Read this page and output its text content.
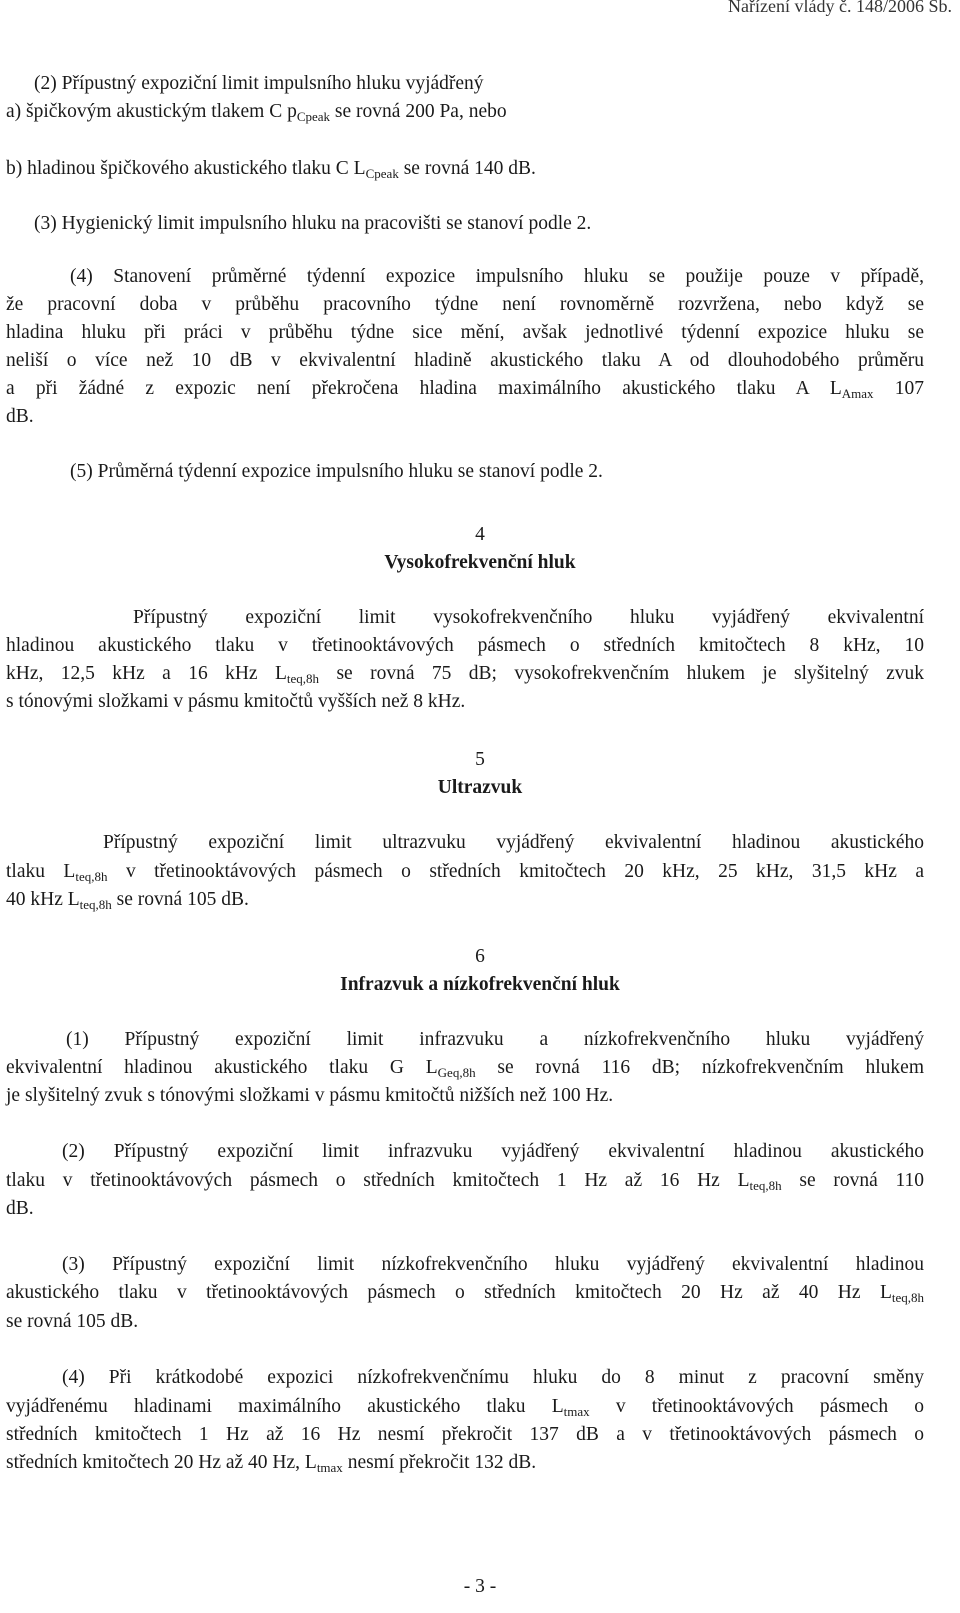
Nařízení vlády č. 148/2006 Sb.
(2) Přípustný expoziční limit impulsního hluku vyjádřený
a) špičkovým akustickým tlakem C $p_{Cpeak}$ se rovná 200 Pa, nebo
b) hladinou špičkového akustického tlaku C $L_{Cpeak}$ se rovná 140 dB.
(3) Hygienický limit impulsního hluku na pracovišti se stanoví podle 2.
(4) Stanovení průměrné týdenní expozice impulsního hluku se použije pouze v případě,
že pracovní doba v průběhu pracovního týdne není rovnoměrně rozvržena, nebo když se
hladina hluku při práci v průběhu týdne sice mění, avšak jednotlivé týdenní expozice hluku se
neliší o více než 10 dB v ekvivalentní hladině akustického tlaku A od dlouhodobého průměru
a při žádné z expozic není překročena hladina maximálního akustického tlaku A $L_{Amax}$ 107
dB.
(5) Průměrná týdenní expozice impulsního hluku se stanoví podle 2.
4
Vysokofrekvenční hluk
Přípustný expoziční limit vysokofrekvenčního hluku vyjádřený ekvivalentní
hladinou akustického tlaku v třetinooktávových pásmech o středních kmitočtech 8 kHz, 10
kHz, 12,5 kHz a 16 kHz $L_{teq,8h}$ se rovná 75 dB; vysokofrekvenčním hlukem je slyšitelný zvuk
s tónovými složkami v pásmu kmitočtů vyšších než 8 kHz.
5
Ultrazvuk
Přípustný expoziční limit ultrazvuku vyjádřený ekvivalentní hladinou akustického
tlaku $L_{teq,8h}$ v třetinooktávových pásmech o středních kmitočtech 20 kHz, 25 kHz, 31,5 kHz a
40 kHz $L_{teq,8h}$ se rovná 105 dB.
6
Infrazvuk a nízkofrekvenční hluk
(1) Přípustný expoziční limit infrazvuku a nízkofrekvenčního hluku vyjádřený
ekvivalentní hladinou akustického tlaku G $L_{Geq,8h}$ se rovná 116 dB; nízkofrekvenčním hlukem
je slyšitelný zvuk s tónovými složkami v pásmu kmitočtů nižších než 100 Hz.
(2) Přípustný expoziční limit infrazvuku vyjádřený ekvivalentní hladinou akustického
tlaku v třetinooktávových pásmech o středních kmitočtech 1 Hz až 16 Hz $L_{teq,8h}$ se rovná 110
dB.
(3) Přípustný expoziční limit nízkofrekvenčního hluku vyjádřený ekvivalentní hladinou
akustického tlaku v třetinooktávových pásmech o středních kmitočtech 20 Hz až 40 Hz $L_{teq,8h}$
se rovná 105 dB.
(4) Při krátkodobé expozici nízkofrekvenčnímu hluku do 8 minut z pracovní směny
vyjádřenému hladinami maximálního akustického tlaku $L_{tmax}$ v třetinooktávových pásmech o
středních kmitočtech 1 Hz až 16 Hz nesmí překročit 137 dB a v třetinooktávových pásmech o
středních kmitočtech 20 Hz až 40 Hz, $L_{tmax}$ nesmí překročit 132 dB.
- 3 -
